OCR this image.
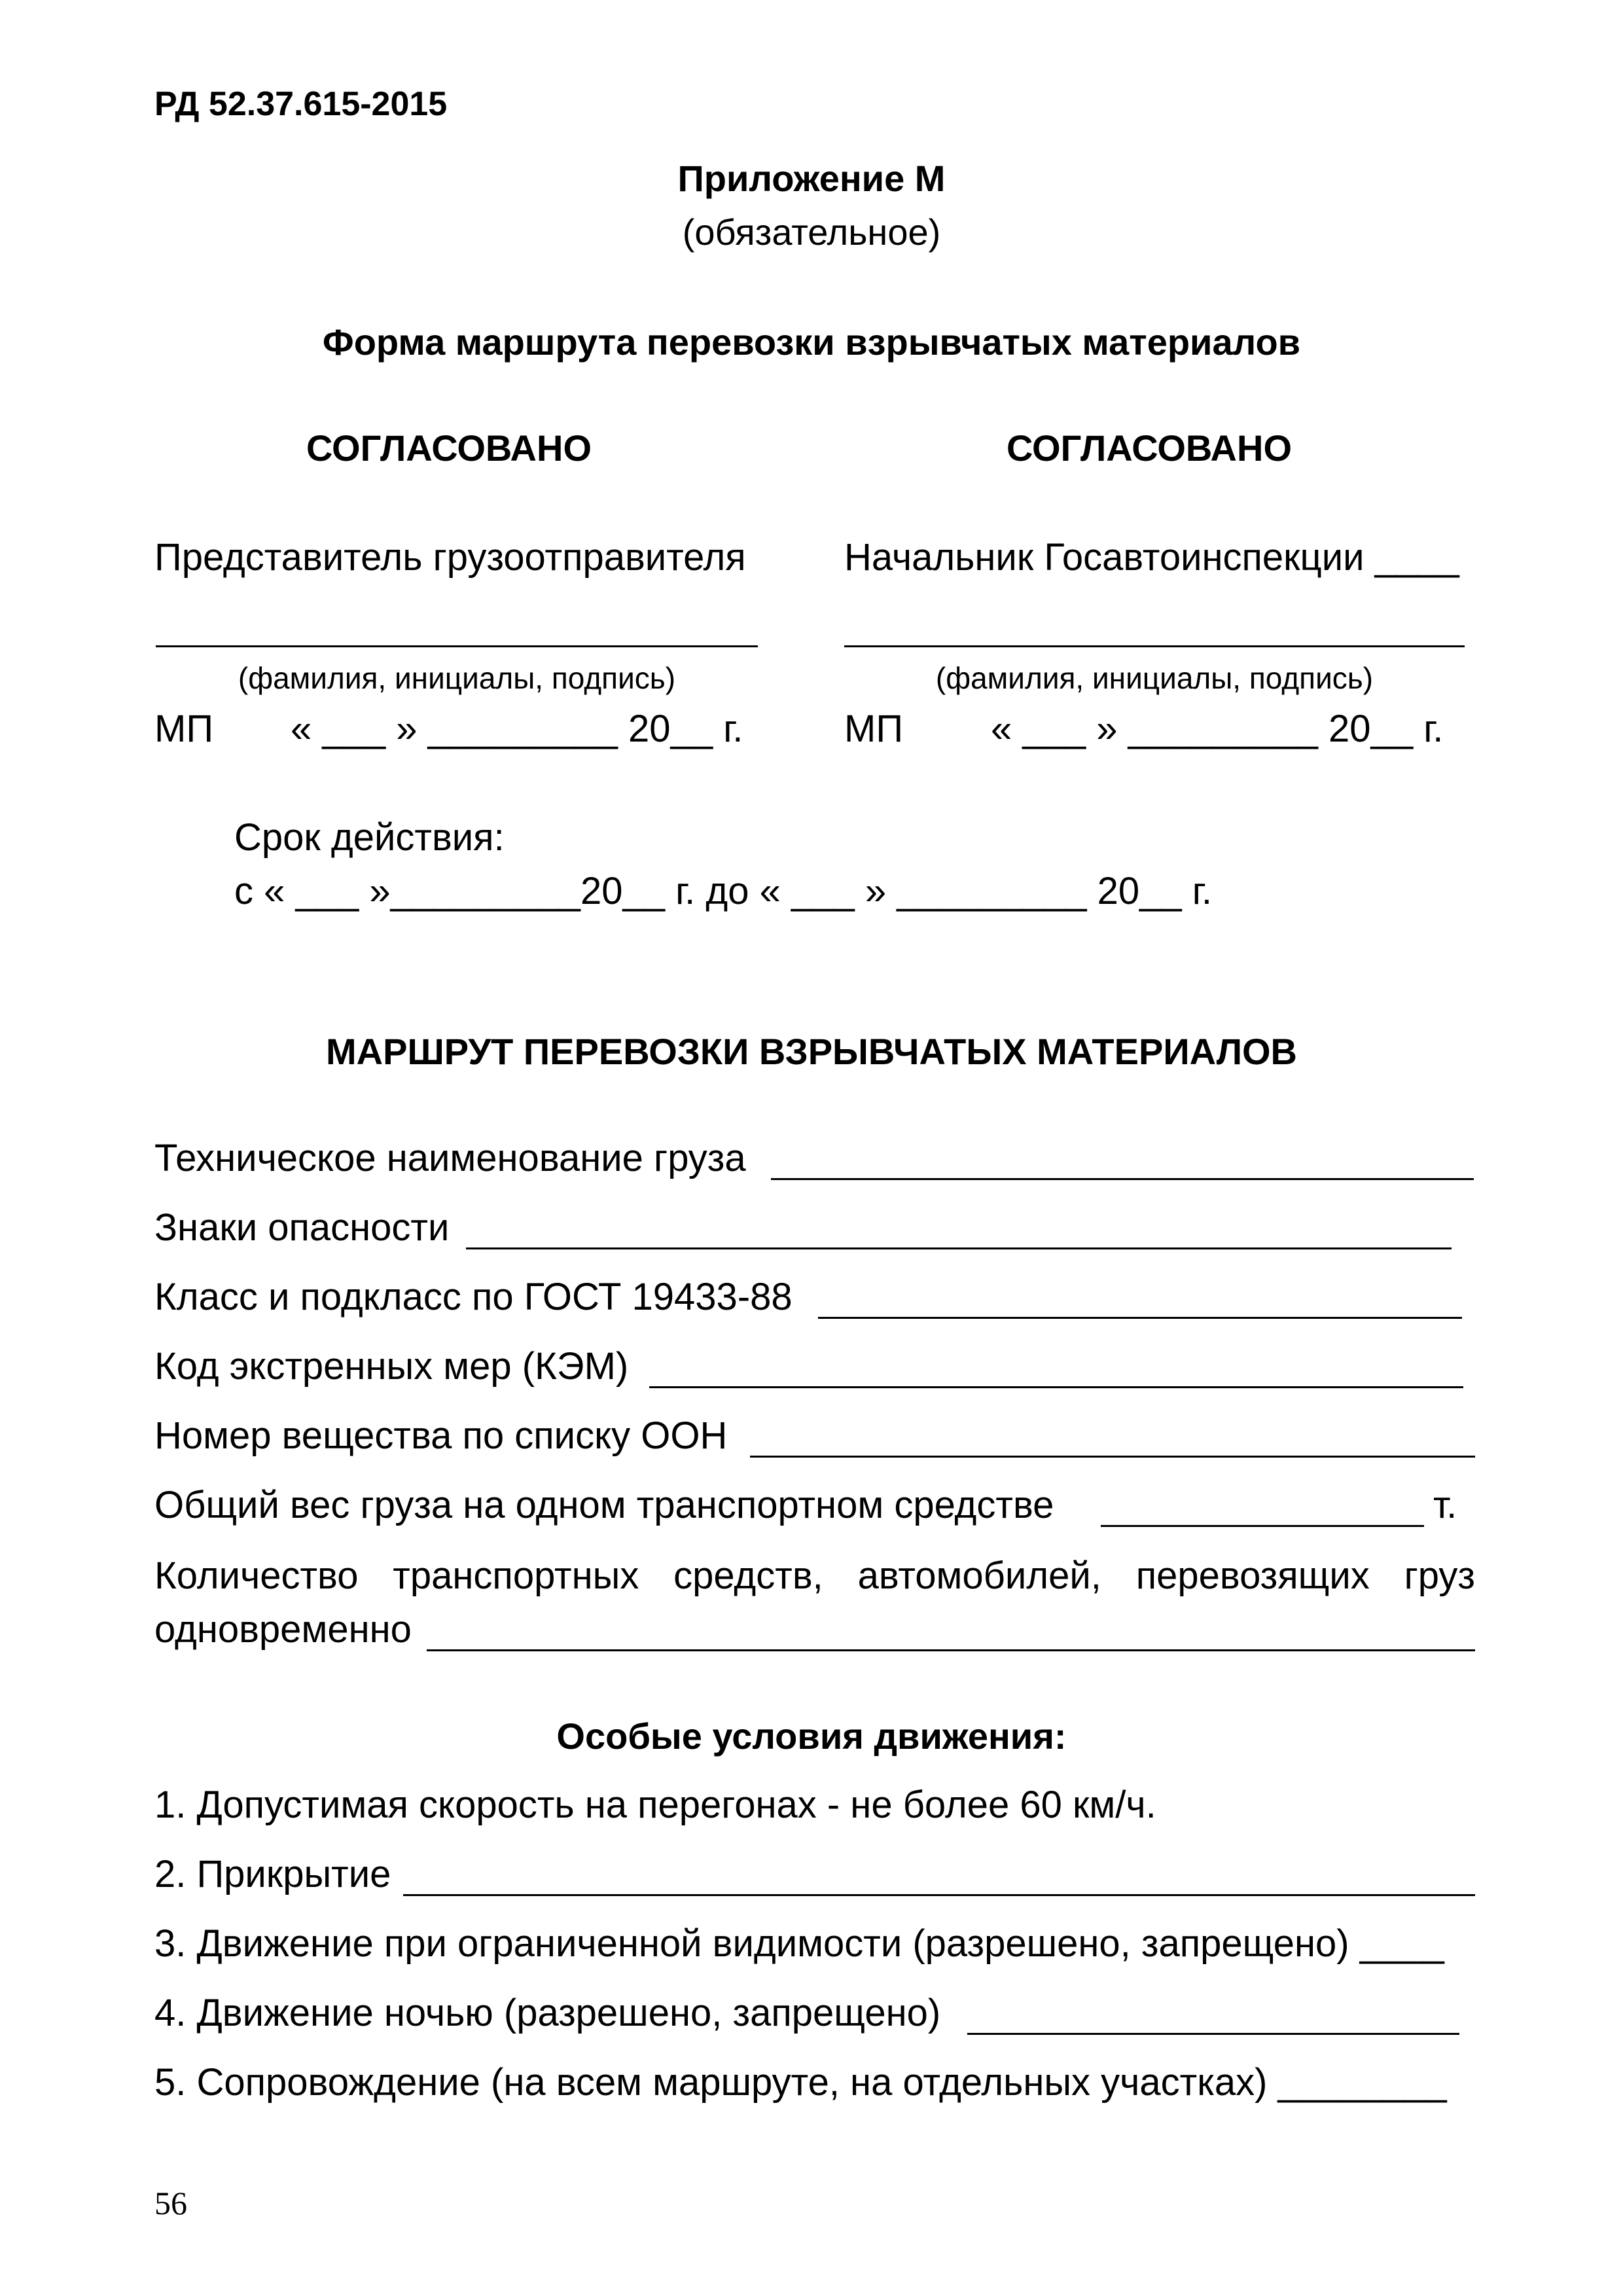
РД 52.37.615-2015
Приложение М
(обязательное)
Форма маршрута перевозки взрывчатых материалов
СОГЛАСОВАНО	СОГЛАСОВАНО
Представитель грузоотправителя	Начальник Госавтоинспекции ____
(фамилия, инициалы, подпись)	(фамилия, инициалы, подпись)
МП « ___ » _________ 20__ г.	МП « ___ » _________ 20__ г.
Срок действия:
с « ___ »_________20__ г. до « ___ » _________ 20__ г.
МАРШРУТ ПЕРЕВОЗКИ ВЗРЫВЧАТЫХ МАТЕРИАЛОВ
Техническое наименование груза
Знаки опасности
Класс и подкласс по ГОСТ 19433-88
Код экстренных мер (КЭМ)
Номер вещества по списку ООН
Общий вес груза на одном транспортном средстве	т.
Количество транспортных средств, автомобилей, перевозящих груз
одновременно
Особые условия движения:
1. Допустимая скорость на перегонах - не более 60 км/ч.
2. Прикрытие
3. Движение при ограниченной видимости (разрешено, запрещено) ____
4. Движение ночью (разрешено, запрещено)
5. Сопровождение (на всем маршруте, на отдельных участках) ________
56
